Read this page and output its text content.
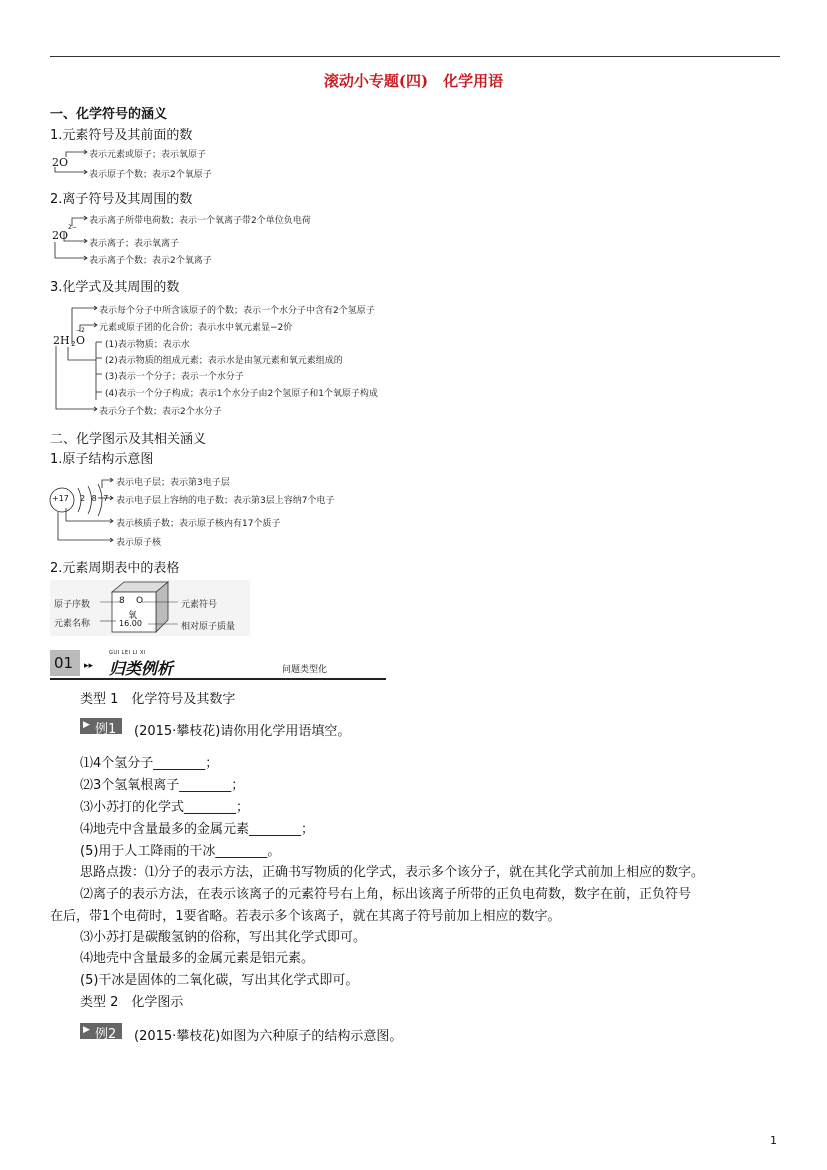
滚动小专题(四)　化学用语
一、化学符号的涵义
1.元素符号及其前面的数
2O
表示元素或原子；表示氧原子
表示原子个数；表示2个氧原子
2.离子符号及其周围的数
2O
2−
表示离子所带电荷数；表示一个氧离子带2个单位负电荷
表示离子；表示氧离子
表示离子个数；表示2个氧离子
3.化学式及其周围的数
2H 2 O
−2
表示每个分子中所含该原子的个数；表示一个水分子中含有2个氢原子
元素或原子团的化合价；表示水中氧元素显−2价
(1)表示物质；表示水
(2)表示物质的组成元素；表示水是由氢元素和氧元素组成的
(3)表示一个分子；表示一个水分子
(4)表示一个分子构成；表示1个水分子由2个氢原子和1个氧原子构成
表示分子个数；表示2个水分子
二、化学图示及其相关涵义
1.原子结构示意图
+17 2 8 7
表示电子层；表示第3电子层
表示电子层上容纳的电子数；表示第3层上容纳7个电子
表示核质子数；表示原子核内有17个质子
表示原子核
2.元素周期表中的表格
8 O
氧
16.00
原子序数
元素名称
元素符号
相对原子质量
01 ▸▸
GUI LEI LI XI
归类例析	问题类型化
类型 1　化学符号及其数字
▶ 例1 (2015·攀枝花)请你用化学用语填空。
⑴4个氢分子________；
⑵3个氢氧根离子________；
⑶小苏打的化学式________；
⑷地壳中含量最多的金属元素________；
(5)用于人工降雨的干冰________。
思路点拨：⑴分子的表示方法，正确书写物质的化学式，表示多个该分子，就在其化学式前加上相应的数字。
⑵离子的表示方法，在表示该离子的元素符号右上角，标出该离子所带的正负电荷数，数字在前，正负符号
在后，带1个电荷时，1要省略。若表示多个该离子，就在其离子符号前加上相应的数字。
⑶小苏打是碳酸氢钠的俗称，写出其化学式即可。
⑷地壳中含量最多的金属元素是铝元素。
(5)干冰是固体的二氧化碳，写出其化学式即可。
类型 2　化学图示
▶ 例2 (2015·攀枝花)如图为六种原子的结构示意图。
1
